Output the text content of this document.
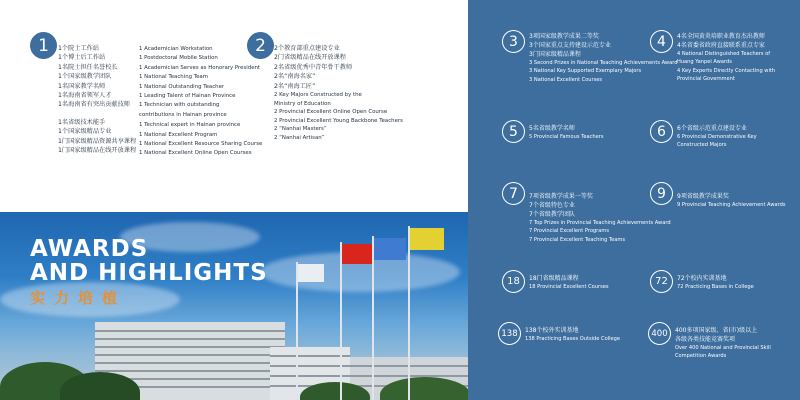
1	1个院士工作站
1个博士后工作站
1名院士担任名誉校长
1个国家级教学团队
1名国家教学名师
1名海南省领军人才
1名海南省有突出贡献技师
1名省级技术能手
1个国家级精品专业
1门国家级精品资源共享课程
1门国家级精品在线开放课程
1 Academician Workstation
1 Postdoctoral Mobile Station
1 Academician Serves as Honorary President
1 National Teaching Team
1 National Outstanding Teacher
1 Leading Talent of Hainan Province
1 Technician with outstanding
contributions in Hainan province
1 Technical expert in Hainan province
1 National Excellent Program
1 National Excellent Resource Sharing Course
1 National Excellent Online Open Courses
2	2个教育部重点建设专业
2门省级精品在线开放课程
2名省级优秀中青年骨干教师
2名“南海名家”
2名“南海工匠”
2 Key Majors Constructed by the
Ministry of Education
2 Provincial Excellent Online Open Course
2 Provincial Excellent Young Backbone Teachers
2 “Nanhai Masters”
2 “Nanhai Artisan”
AWARDS
AND HIGHLIGHTS
实力培植
3	3项国家级教学成果二等奖
3个国家重点支持建设示范专业
3门国家级精品课程
3 Second Prizes in National Teaching Achievements Award
3 National Key Supported Exemplary Majors
3 National Excellent Courses
4	4名全国黄炎培职业教育杰出教师
4名省委省政府直接联系重点专家
4 National Distinguished Teachers of
Huang Yanpei Awards
4 Key Experts Directly Contacting with
Provincial Government
5	5名省级教学名师
5 Provincial Famous Teachers	6	6个省级示范重点建设专业
6 Provincial Demonstrative Key
Constructed Majors
7	7项省级教学成果一等奖
7个省级特色专业
7个省级教学团队
7 Top Prizes in Provincial Teaching Achievements Award
7 Provincial Excellent Programs
7 Provincial Excellent Teaching Teams
9	9项省级教学成果奖
9 Provincial Teaching Achievement Awards
18	18门省级精品课程
18 Provincial Excellent Courses	72	72个校内实训基地
72 Practicing Bases in College
138	138个校外实训基地
138 Practicing Bases Outside College
400	400多项国家级、省(市)级以上
各级各类技能竞赛奖项
Over 400 National and Provincial Skill
Competition Awards
